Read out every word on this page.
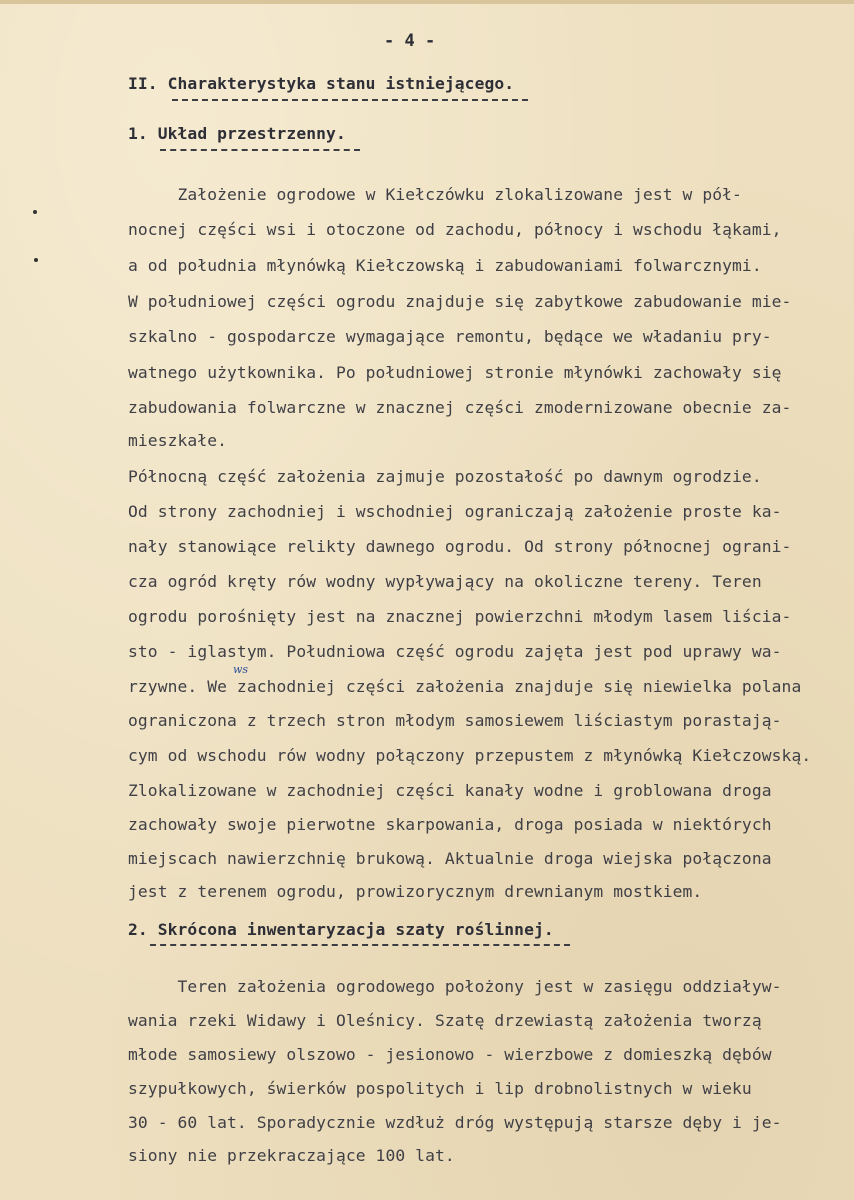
- 4 -
II. Charakterystyka stanu istniejącego.
1. Układ przestrzenny.
Założenie ogrodowe w Kiełczówku zlokalizowane jest w pół-
nocnej części wsi i otoczone od zachodu, północy i wschodu łąkami,
a od południa młynówką Kiełczowską i zabudowaniami folwarcznymi.
W południowej części ogrodu znajduje się zabytkowe zabudowanie mie-
szkalno - gospodarcze wymagające remontu, będące we władaniu pry-
watnego użytkownika. Po południowej stronie młynówki zachowały się
zabudowania folwarczne w znacznej części zmodernizowane obecnie za-
mieszkałe.
Północną część założenia zajmuje pozostałość po dawnym ogrodzie.
Od strony zachodniej i wschodniej ograniczają założenie proste ka-
nały stanowiące relikty dawnego ogrodu. Od strony północnej ograni-
cza ogród kręty rów wodny wypływający na okoliczne tereny. Teren
ogrodu porośnięty jest na znacznej powierzchni młodym lasem liścia-
sto - iglastym. Południowa część ogrodu zajęta jest pod uprawy wa-
rzywne. We zachodniej części założenia znajduje się niewielka polana
ograniczona z trzech stron młodym samosiewem liściastym porastają-
cym od wschodu rów wodny połączony przepustem z młynówką Kiełczowską.
Zlokalizowane w zachodniej części kanały wodne i groblowana droga
zachowały swoje pierwotne skarpowania, droga posiada w niektórych
miejscach nawierzchnię brukową. Aktualnie droga wiejska połączona
jest z terenem ogrodu, prowizorycznym drewnianym mostkiem.
ws
2. Skrócona inwentaryzacja szaty roślinnej.
Teren założenia ogrodowego położony jest w zasięgu oddziaływ-
wania rzeki Widawy i Oleśnicy. Szatę drzewiastą założenia tworzą
młode samosiewy olszowo - jesionowo - wierzbowe z domieszką dębów
szypułkowych, świerków pospolitych i lip drobnolistnych w wieku
30 - 60 lat. Sporadycznie wzdłuż dróg występują starsze dęby i je-
siony nie przekraczające 100 lat.
